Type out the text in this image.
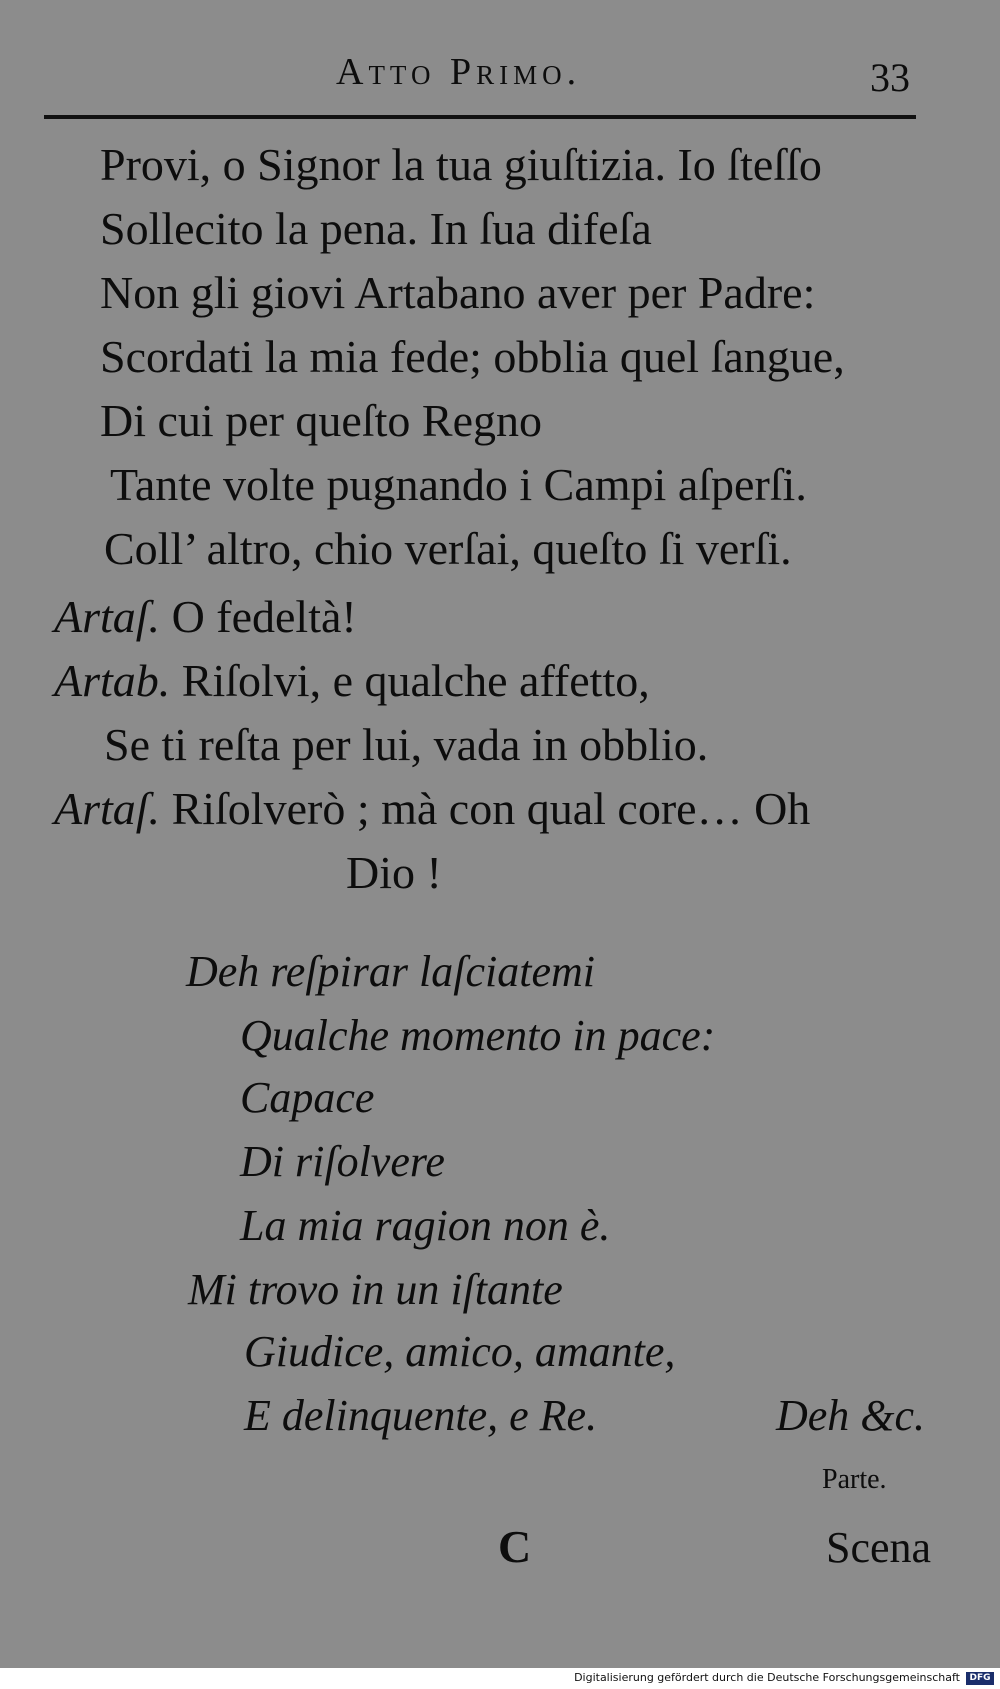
Atto Primo.	33
Provi, o Signor la tua giuſtizia. Io ſteſſo
Sollecito la pena. In ſua difeſa
Non gli giovi Artabano aver per Padre:
Scordati la mia fede; obblia quel ſangue,
Di cui per queſto Regno
Tante volte pugnando i Campi aſperſi.
Coll’ altro, chio verſai, queſto ſi verſi.
Artaſ. O fedeltà!
Artab. Riſolvi, e qualche affetto,
Se ti reſta per lui, vada in obblio.
Artaſ. Riſolverò ; mà con qual core… Oh
Dio !
Deh reſpirar laſciatemi
Qualche momento in pace:
Capace
Di riſolvere
La mia ragion non è.
Mi trovo in un iſtante
Giudice, amico, amante,
E delinquente, e Re.	Deh &c.
Parte.
C	Scena
Digitalisierung gefördert durch die Deutsche Forschungsgemeinschaft	DFG
